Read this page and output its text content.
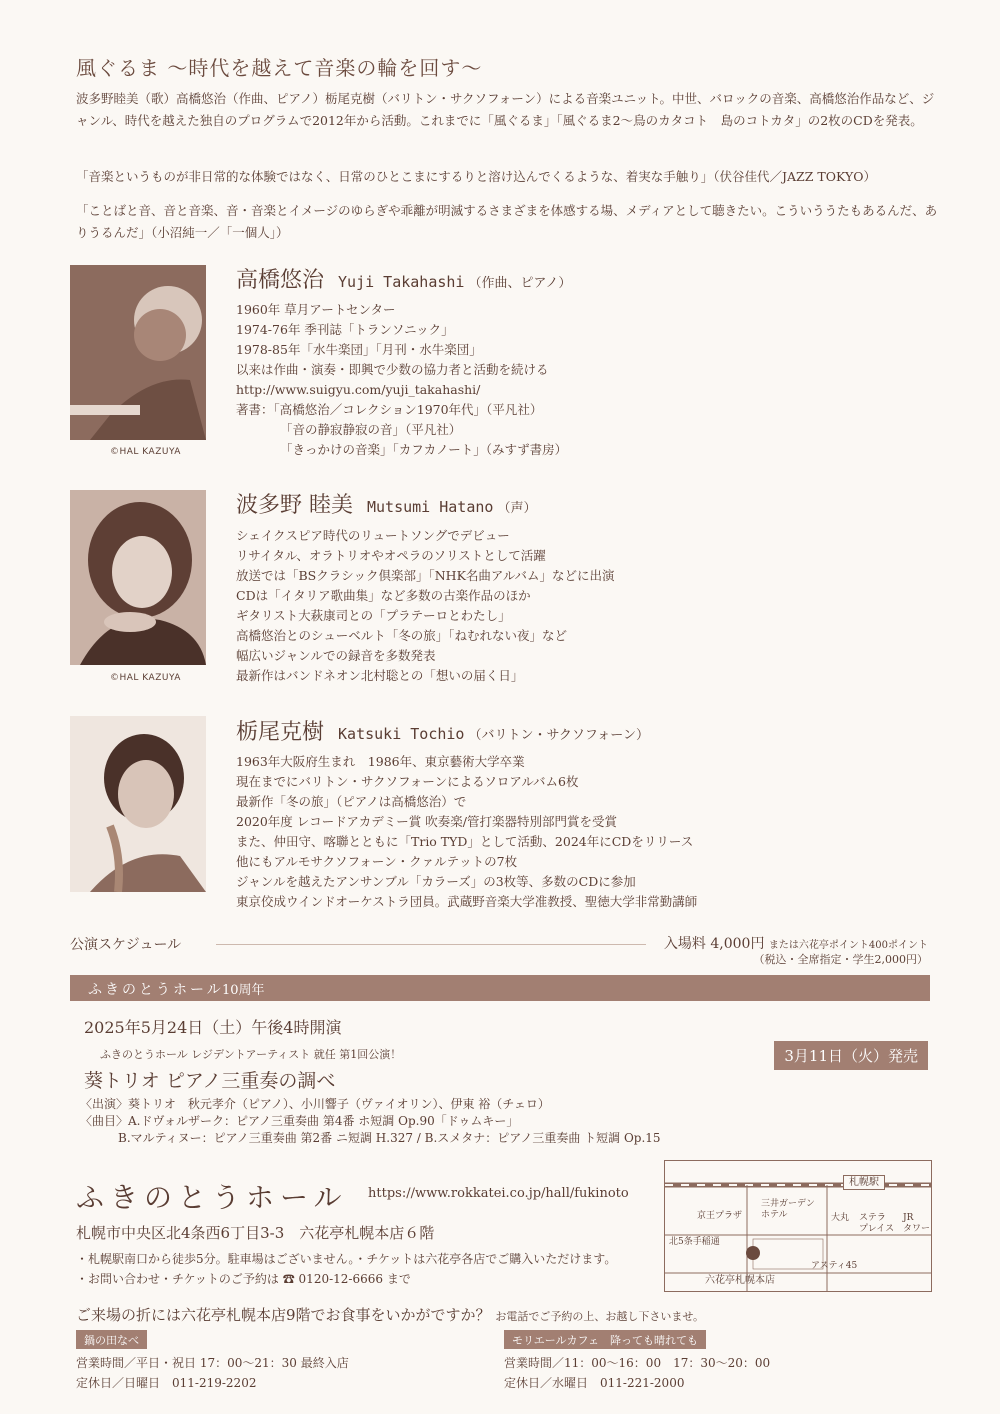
風ぐるま ～時代を越えて音楽の輪を回す～
波多野睦美（歌）高橋悠治（作曲、ピアノ）栃尾克樹（バリトン・サクソフォーン）による音楽ユニット。中世、バロックの音楽、高橋悠治作品など、ジャンル、時代を越えた独自のプログラムで2012年から活動。これまでに「風ぐるま」「風ぐるま2～鳥のカタコト　島のコトカタ」の2枚のCDを発表。
「音楽というものが非日常的な体験ではなく、日常のひとこまにするりと溶け込んでくるような、着実な手触り」（伏谷佳代／JAZZ TOKYO）
「ことばと音、音と音楽、音・音楽とイメージのゆらぎや乖離が明滅するさまざまを体感する場、メディアとして聴きたい。こういううたもあるんだ、ありうるんだ」（小沼純一／「一個人」）
©HAL KAZUYA
高橋悠治 Yuji Takahashi （作曲、ピアノ）
1960年 草月アートセンター
1974-76年 季刊誌「トランソニック」
1978-85年「水牛楽団」「月刊・水牛楽団」
以来は作曲・演奏・即興で少数の協力者と活動を続ける
http://www.suigyu.com/yuji_takahashi/
著書：「高橋悠治／コレクション1970年代」（平凡社）
「音の静寂静寂の音」（平凡社）
「きっかけの音楽」「カフカノート」（みすず書房）
©HAL KAZUYA
波多野 睦美 Mutsumi Hatano （声）
シェイクスピア時代のリュートソングでデビュー
リサイタル、オラトリオやオペラのソリストとして活躍
放送では「BSクラシック倶楽部」「NHK名曲アルバム」などに出演
CDは「イタリア歌曲集」など多数の古楽作品のほか
ギタリスト大萩康司との「プラテーロとわたし」
高橋悠治とのシューベルト「冬の旅」「ねむれない夜」など
幅広いジャンルでの録音を多数発表
最新作はバンドネオン北村聡との「想いの届く日」
栃尾克樹 Katsuki Tochio （バリトン・サクソフォーン）
1963年大阪府生まれ　1986年、東京藝術大学卒業
現在までにバリトン・サクソフォーンによるソロアルバム6枚
最新作「冬の旅」（ピアノは高橋悠治）で
2020年度 レコードアカデミー賞 吹奏楽/管打楽器特別部門賞を受賞
また、仲田守、喀聯とともに「Trio TYD」として活動、2024年にCDをリリース
他にもアルモサクソフォーン・クァルテットの7枚
ジャンルを越えたアンサンブル「カラーズ」の3枚等、多数のCDに参加
東京佼成ウインドオーケストラ団員。武蔵野音楽大学准教授、聖徳大学非常勤講師
公演スケジュール	入場料 4,000円 または六花亭ポイント400ポイント
（税込・全席指定・学生2,000円）
ふきのとうホール
10周年
2025年5月24日（土）午後4時開演
ふきのとうホール レジデントアーティスト 就任 第1回公演！	3月11日（火）発売
葵トリオ ピアノ三重奏の調べ
〈出演〉葵トリオ　秋元孝介（ピアノ）、小川響子（ヴァイオリン）、伊東 裕（チェロ）
〈曲目〉A.ドヴォルザーク：ピアノ三重奏曲 第4番 ホ短調 Op.90「ドゥムキー」
B.マルティヌー：ピアノ三重奏曲 第2番 ニ短調 H.327 / B.スメタナ：ピアノ三重奏曲 ト短調 Op.15
ふきのとうホール https://www.rokkatei.co.jp/hall/fukinoto
札幌市中央区北4条西6丁目3-3　六花亭札幌本店６階
・札幌駅南口から徒歩5分。駐車場はございません。・チケットは六花亭各店でご購入いただけます。
・お問い合わせ・チケットのご予約は ☎ 0120-12-6666 まで
札幌駅
京王プラザ
三井ガーデン
ホテル	大丸 ステラ
プレイス
JR
タワー
北5条手稲通
アスティ45
六花亭札幌本店
ご来場の折には六花亭札幌本店9階でお食事をいかがですか？ お電話でご予約の上、お越し下さいませ。
鍋の田なべ
営業時間／平日・祝日 17：00～21：30 最終入店
定休日／日曜日　011-219-2202
モリエールカフェ　降っても晴れても
営業時間／11：00～16：00　17：30～20：00
定休日／水曜日　011-221-2000
